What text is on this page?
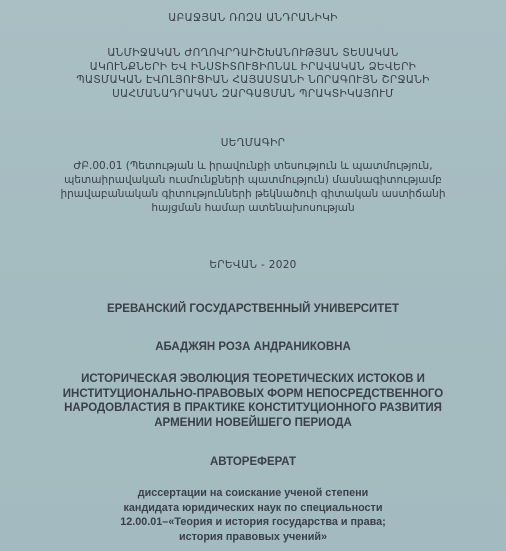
ԱԲԱՋՅԱՆ ՌՈԶԱ ԱՆԴՐԱՆԻԿԻ
ԱՆՄԻՋԱԿԱՆ ԺՈՂՈՎՐԴԱԻՇԽԱՆՈՒԹՅԱՆ ՏԵՍԱԿԱՆ
ԱԿՈՒՆՔՆԵՐԻ ԵՎ ԻՆՍՏԻՏՈՒՑԻՈՆԱԼ ԻՐԱՎԱԿԱՆ ՁԵՎԵՐԻ
ՊԱՏՄԱԿԱՆ ԷՎՈԼՅՈՒՑԻԱՆ ՀԱՅԱՍՏԱՆԻ ՆՈՐԱԳՈՒՅՆ ՇՐՋԱՆԻ
ՍԱՀՄԱՆԱԴՐԱԿԱՆ ԶԱՐԳԱՑՄԱՆ ՊՐԱԿՏԻԿԱՅՈՒՄ
ՍԵՂՄԱԳԻՐ
ԺԲ.00.01 (Պետության և իրավունքի տեսություն և պատմություն,
պետաիրավական ուսմունքների պատմություն) մասնագիտությամբ
իրավաբանական գիտությունների թեկնածուի գիտական աստիճանի
հայցման համար ատենախոսության
ԵՐԵՎԱՆ - 2020
ЕРЕВАНСКИЙ ГОСУДАРСТВЕННЫЙ УНИВЕРСИТЕТ
АБАДЖЯН РОЗА АНДРАНИКОВНА
ИСТОРИЧЕСКАЯ ЭВОЛЮЦИЯ ТЕОРЕТИЧЕСКИХ ИСТОКОВ И
ИНСТИТУЦИОНАЛЬНО-ПРАВОВЫХ ФОРМ НЕПОСРЕДСТВЕННОГО
НАРОДОВЛАСТИЯ В ПРАКТИКЕ КОНСТИТУЦИОННОГО РАЗВИТИЯ
АРМЕНИИ НОВЕЙШЕГО ПЕРИОДА
АВТОРЕФЕРАТ
диссертации на соискание ученой степени
кандидата юридических наук по специальности
12.00.01–«Теория и история государства и права;
история правовых учений»
